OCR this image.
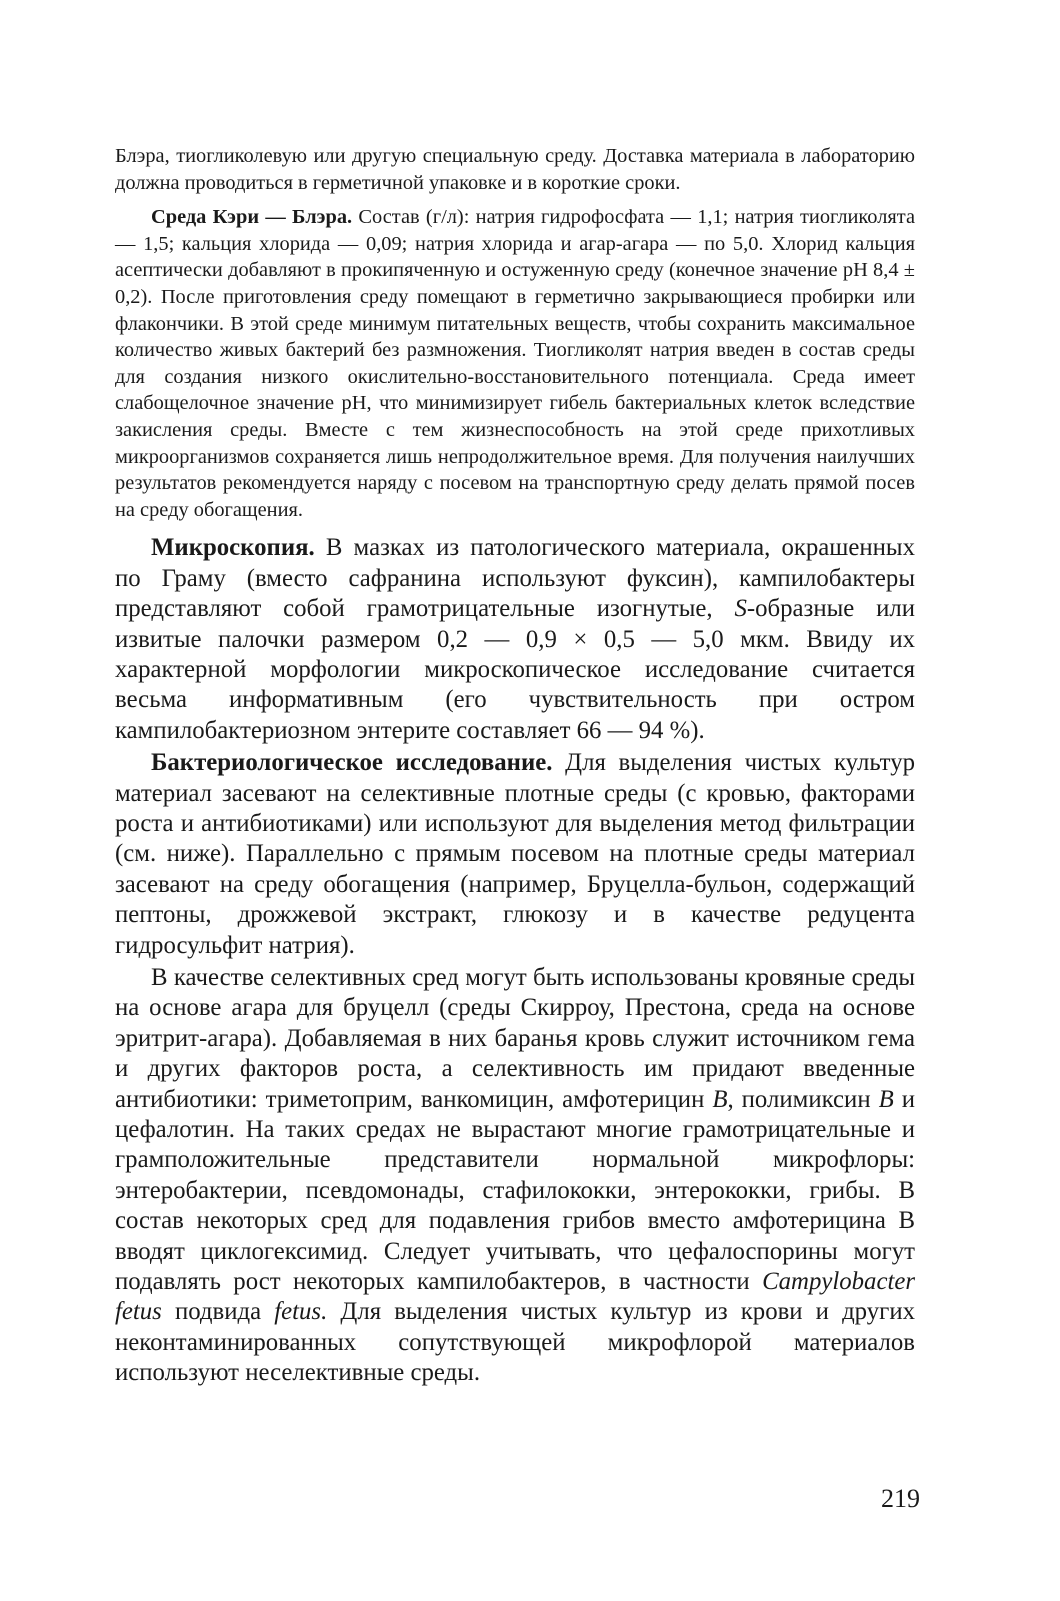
Блэра, тиогликолевую или другую специальную среду. Доставка материала в лабораторию должна проводиться в герметичной упаковке и в короткие сроки.

Среда Кэри — Блэра. Состав (г/л): натрия гидрофосфата — 1,1; натрия тиогликолята — 1,5; кальция хлорида — 0,09; натрия хлорида и агар-агара — по 5,0. Хлорид кальция асептически добавляют в прокипяченную и остуженную среду (конечное значение pH 8,4 ± 0,2). После приготовления среду помещают в герметично закрывающиеся пробирки или флакончики. В этой среде минимум питательных веществ, чтобы сохранить максимальное количество живых бактерий без размножения. Тиогликолят натрия введен в состав среды для создания низкого окислительно-восстановительного потенциала. Среда имеет слабощелочное значение pH, что минимизирует гибель бактериальных клеток вследствие закисления среды. Вместе с тем жизнеспособность на этой среде прихотливых микроорганизмов сохраняется лишь непродолжительное время. Для получения наилучших результатов рекомендуется наряду с посевом на транспортную среду делать прямой посев на среду обогащения.

Микроскопия. В мазках из патологического материала, окрашенных по Граму (вместо сафранина используют фуксин), кампилобактеры представляют собой грамотрицательные изогнутые, S-образные или извитые палочки размером 0,2 — 0,9 × 0,5 — 5,0 мкм. Ввиду их характерной морфологии микроскопическое исследование считается весьма информативным (его чувствительность при остром кампилобактериозном энтерите составляет 66 — 94 %).

Бактериологическое исследование. Для выделения чистых культур материал засевают на селективные плотные среды (с кровью, факторами роста и антибиотиками) или используют для выделения метод фильтрации (см. ниже). Параллельно с прямым посевом на плотные среды материал засевают на среду обогащения (например, Бруцелла-бульон, содержащий пептоны, дрожжевой экстракт, глюкозу и в качестве редуцента гидросульфит натрия).

В качестве селективных сред могут быть использованы кровяные среды на основе агара для бруцелл (среды Скирроу, Престона, среда на основе эритрит-агара). Добавляемая в них баранья кровь служит источником гема и других факторов роста, а селективность им придают введенные антибиотики: триметоприм, ванкомицин, амфотерицин B, полимиксин B и цефалотин. На таких средах не вырастают многие грамотрицательные и грамположительные представители нормальной микрофлоры: энтеробактерии, псевдомонады, стафилококки, энтерококки, грибы. В состав некоторых сред для подавления грибов вместо амфотерицина В вводят циклогексимид. Следует учитывать, что цефалоспорины могут подавлять рост некоторых кампилобактеров, в частности Campylobacter fetus подвида fetus. Для выделения чистых культур из крови и других неконтаминированных сопутствующей микрофлорой материалов используют неселективные среды.

219
